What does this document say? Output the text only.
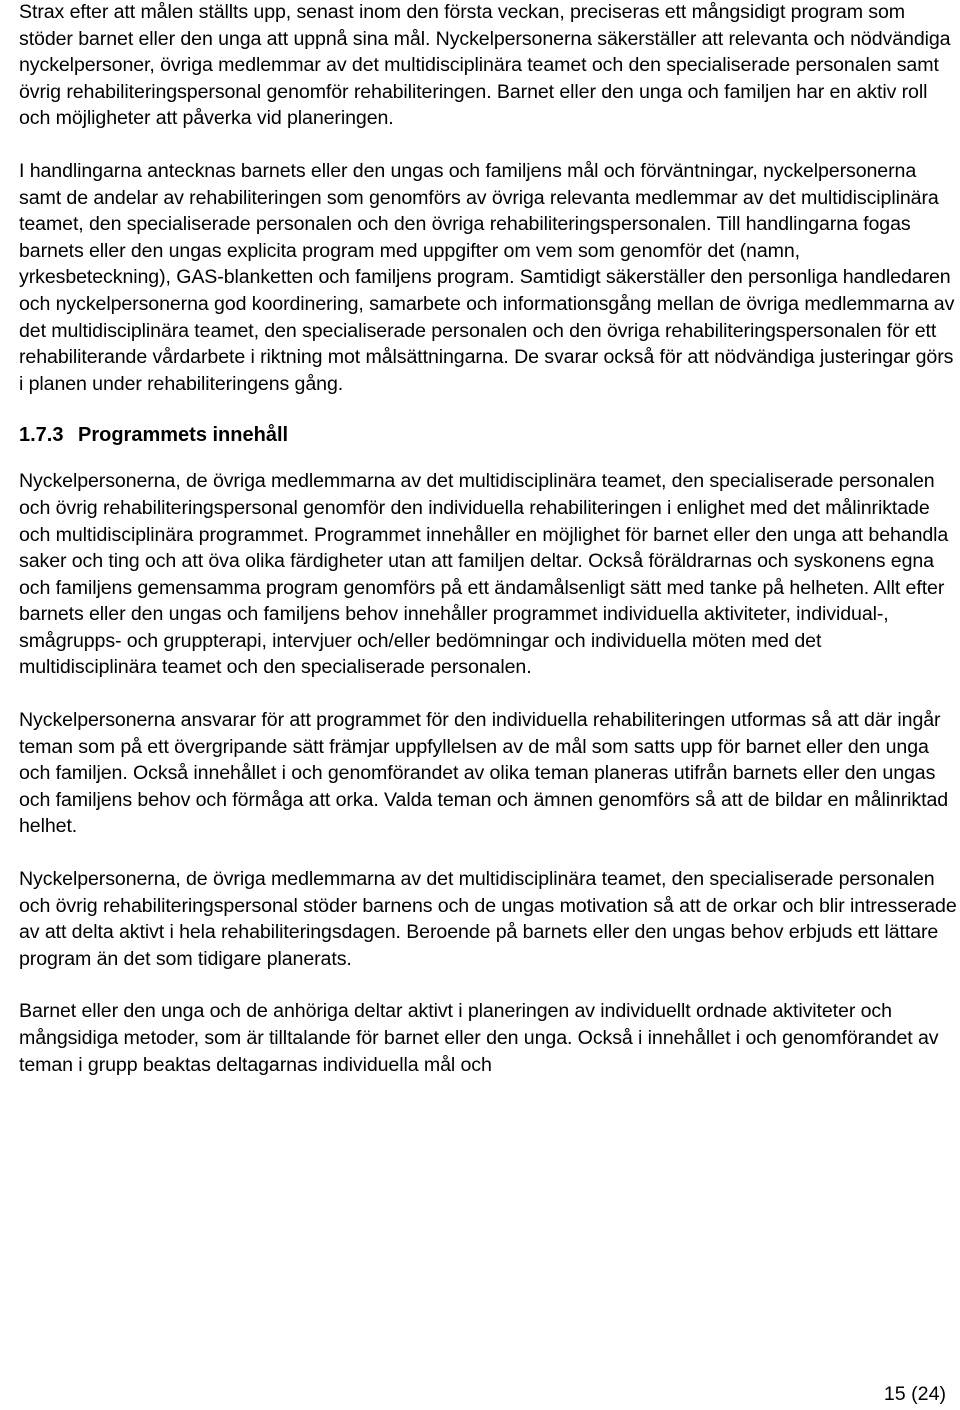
Strax efter att målen ställts upp, senast inom den första veckan, preciseras ett mångsidigt program som stöder barnet eller den unga att uppnå sina mål. Nyckelpersonerna säkerställer att relevanta och nödvändiga nyckelpersoner, övriga medlemmar av det multidisciplinära teamet och den specialiserade personalen samt övrig rehabiliteringspersonal genomför rehabiliteringen. Barnet eller den unga och familjen har en aktiv roll och möjligheter att påverka vid planeringen.

I handlingarna antecknas barnets eller den ungas och familjens mål och förväntningar, nyckelpersonerna samt de andelar av rehabiliteringen som genomförs av övriga relevanta medlemmar av det multidisciplinära teamet, den specialiserade personalen och den övriga rehabiliteringspersonalen. Till handlingarna fogas barnets eller den ungas explicita program med uppgifter om vem som genomför det (namn, yrkesbeteckning), GAS-blanketten och familjens program. Samtidigt säkerställer den personliga handledaren och nyckelpersonerna god koordinering, samarbete och informationsgång mellan de övriga medlemmarna av det multidisciplinära teamet, den specialiserade personalen och den övriga rehabiliteringspersonalen för ett rehabiliterande vårdarbete i riktning mot målsättningarna. De svarar också för att nödvändiga justeringar görs i planen under rehabiliteringens gång.

1.7.3 Programmets innehåll

Nyckelpersonerna, de övriga medlemmarna av det multidisciplinära teamet, den specialiserade personalen och övrig rehabiliteringspersonal genomför den individuella rehabiliteringen i enlighet med det målinriktade och multidisciplinära programmet. Programmet innehåller en möjlighet för barnet eller den unga att behandla saker och ting och att öva olika färdigheter utan att familjen deltar. Också föräldrarnas och syskonens egna och familjens gemensamma program genomförs på ett ändamålsenligt sätt med tanke på helheten. Allt efter barnets eller den ungas och familjens behov innehåller programmet individuella aktiviteter, individual-, smågrupps- och gruppterapi, intervjuer och/eller bedömningar och individuella möten med det multidisciplinära teamet och den specialiserade personalen.

Nyckelpersonerna ansvarar för att programmet för den individuella rehabiliteringen utformas så att där ingår teman som på ett övergripande sätt främjar uppfyllelsen av de mål som satts upp för barnet eller den unga och familjen. Också innehållet i och genomförandet av olika teman planeras utifrån barnets eller den ungas och familjens behov och förmåga att orka. Valda teman och ämnen genomförs så att de bildar en målinriktad helhet.

Nyckelpersonerna, de övriga medlemmarna av det multidisciplinära teamet, den specialiserade personalen och övrig rehabiliteringspersonal stöder barnens och de ungas motivation så att de orkar och blir intresserade av att delta aktivt i hela rehabiliteringsdagen. Beroende på barnets eller den ungas behov erbjuds ett lättare program än det som tidigare planerats.

Barnet eller den unga och de anhöriga deltar aktivt i planeringen av individuellt ordnade aktiviteter och mångsidiga metoder, som är tilltalande för barnet eller den unga. Också i innehållet i och genomförandet av teman i grupp beaktas deltagarnas individuella mål och

15 (24)
